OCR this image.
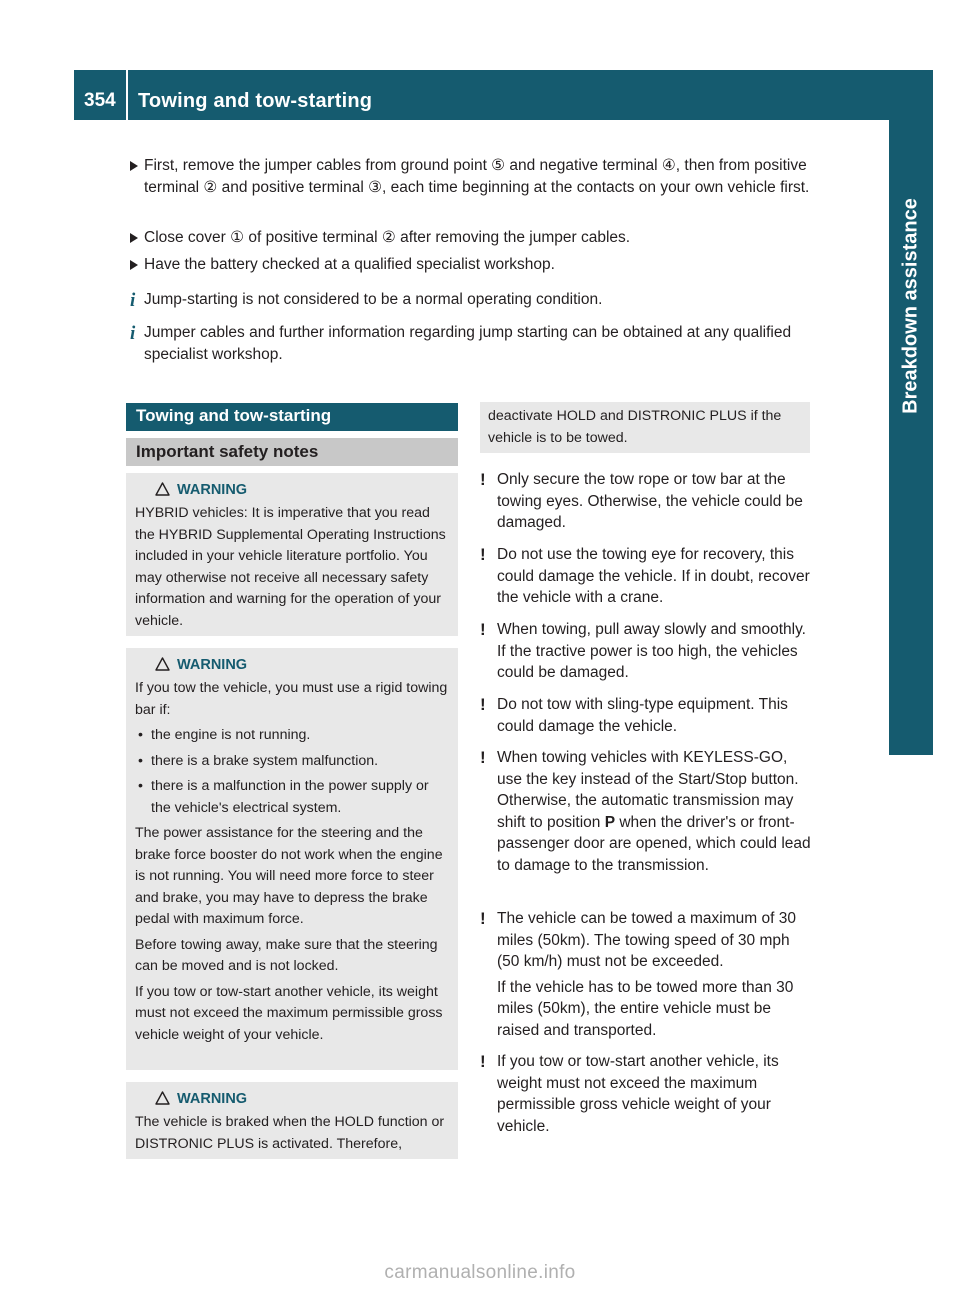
354 Towing and tow-starting
Breakdown assistance
First, remove the jumper cables from ground point ⑤ and negative terminal ④, then from positive terminal ② and positive terminal ③, each time beginning at the contacts on your own vehicle first.
Close cover ① of positive terminal ② after removing the jumper cables.
Have the battery checked at a qualified specialist workshop.
i Jump-starting is not considered to be a normal operating condition.
i Jumper cables and further information regarding jump starting can be obtained at any qualified specialist workshop.
Towing and tow-starting
Important safety notes
WARNING

HYBRID vehicles: It is imperative that you read the HYBRID Supplemental Operating Instructions included in your vehicle literature portfolio. You may otherwise not receive all necessary safety information and warning for the operation of your vehicle.

WARNING

If you tow the vehicle, you must use a rigid towing bar if:

• the engine is not running.
• there is a brake system malfunction.
• there is a malfunction in the power supply or the vehicle's electrical system.

The power assistance for the steering and the brake force booster do not work when the engine is not running. You will need more force to steer and brake, you may have to depress the brake pedal with maximum force.

Before towing away, make sure that the steering can be moved and is not locked.

If you tow or tow-start another vehicle, its weight must not exceed the maximum permissible gross vehicle weight of your vehicle.

WARNING

The vehicle is braked when the HOLD function or DISTRONIC PLUS is activated. Therefore,

deactivate HOLD and DISTRONIC PLUS if the vehicle is to be towed.
! Only secure the tow rope or tow bar at the towing eyes. Otherwise, the vehicle could be damaged.

! Do not use the towing eye for recovery, this could damage the vehicle. If in doubt, recover the vehicle with a crane.

! When towing, pull away slowly and smoothly. If the tractive power is too high, the vehicles could be damaged.

! Do not tow with sling-type equipment. This could damage the vehicle.

! When towing vehicles with KEYLESS-GO, use the key instead of the Start/Stop button. Otherwise, the automatic transmission may shift to position P when the driver's or front-passenger door are opened, which could lead to damage to the transmission.

! The vehicle can be towed a maximum of 30 miles (50km). The towing speed of 30 mph (50 km/h) must not be exceeded.

If the vehicle has to be towed more than 30 miles (50km), the entire vehicle must be raised and transported.

! If you tow or tow-start another vehicle, its weight must not exceed the maximum permissible gross vehicle weight of your vehicle.

carmanualsonline.info
